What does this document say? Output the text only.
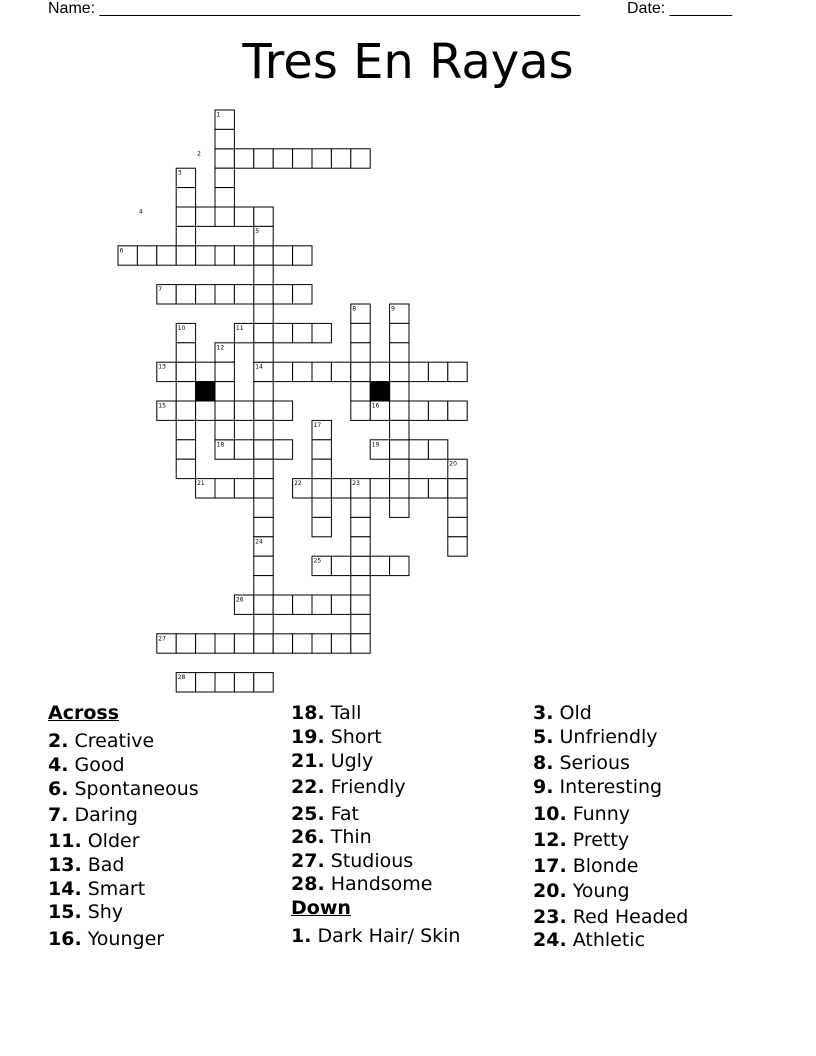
Name: ______________________________________________________	Date: _______
Tres En Rayas
1
2
3
4
5
6
7
8	9
10	11
12
13	14
15	16
17
18	19
20
21	22	23
24
25
26
27
28
Across
2. Creative
4. Good
6. Spontaneous
7. Daring
11. Older
13. Bad
14. Smart
15. Shy
16. Younger
18. Tall
19. Short
21. Ugly
22. Friendly
25. Fat
26. Thin
27. Studious
28. Handsome
Down
1. Dark Hair/ Skin
3. Old
5. Unfriendly
8. Serious
9. Interesting
10. Funny
12. Pretty
17. Blonde
20. Young
23. Red Headed
24. Athletic
